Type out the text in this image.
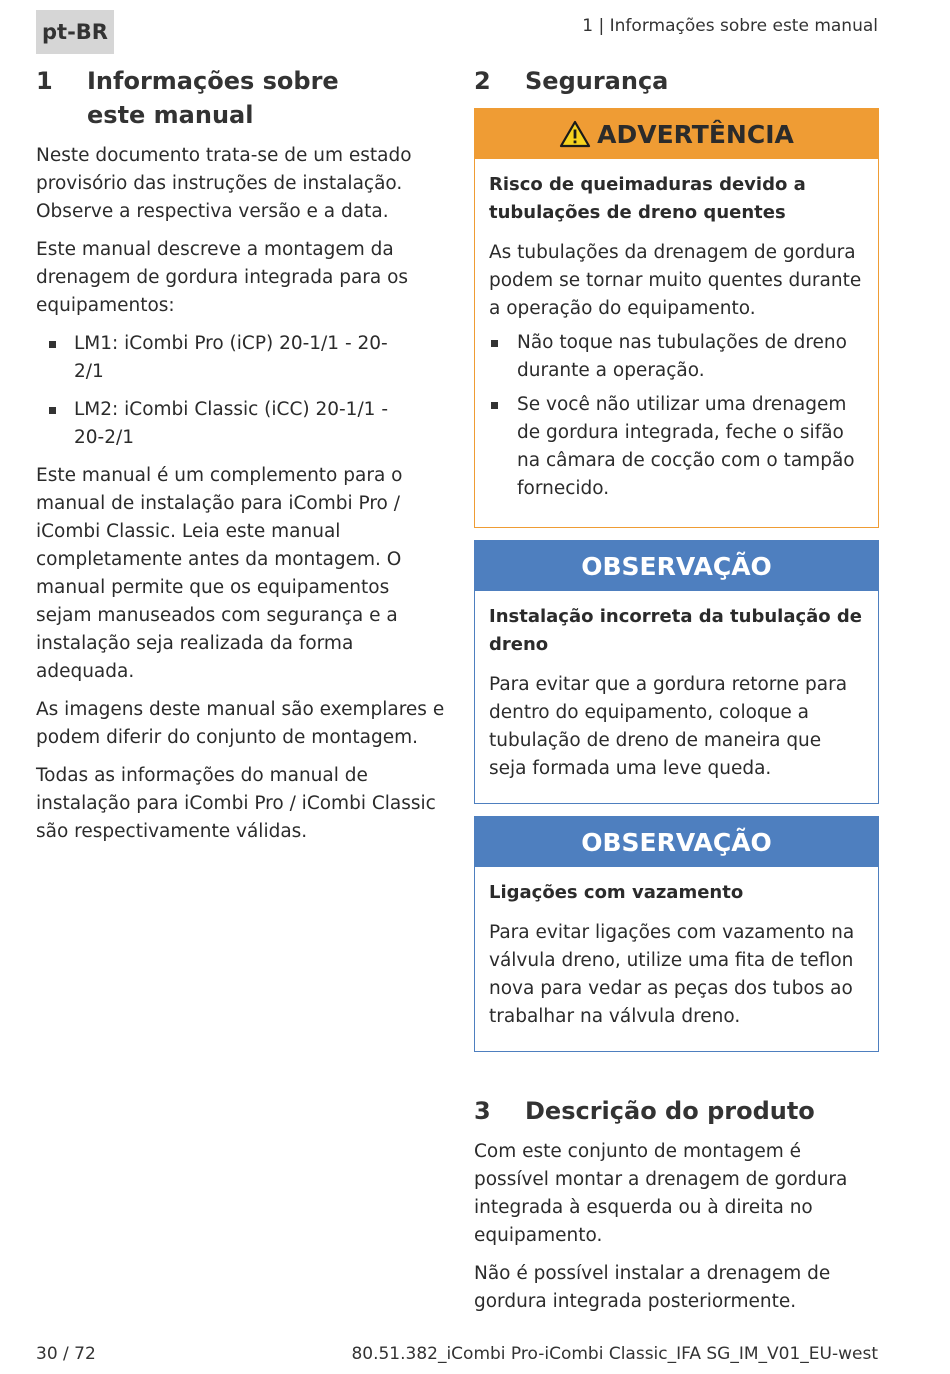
pt-BR	1 | Informações sobre este manual
1	Informações sobre este manual

Neste documento trata-se de um estado provisório das instruções de instalação. Observe a respectiva versão e a data.

Este manual descreve a montagem da drenagem de gordura integrada para os equipamentos:

LM1: iCombi Pro (iCP) 20-1/1 - 20-2/1
LM2: iCombi Classic (iCC) 20-1/1 - 20-2/1

Este manual é um complemento para o manual de instalação para iCombi Pro / iCombi Classic. Leia este manual completamente antes da montagem. O manual permite que os equipamentos sejam manuseados com segurança e a instalação seja realizada da forma adequada.

As imagens deste manual são exemplares e podem diferir do conjunto de montagem.

Todas as informações do manual de instalação para iCombi Pro / iCombi Classic são respectivamente válidas.

2	Segurança
ADVERTÊNCIA
Risco de queimaduras devido a tubulações de dreno quentes

As tubulações da drenagem de gordura podem se tornar muito quentes durante a operação do equipamento.

Não toque nas tubulações de dreno durante a operação.
Se você não utilizar uma drenagem de gordura integrada, feche o sifão na câmara de cocção com o tampão fornecido.
OBSERVAÇÃO
Instalação incorreta da tubulação de dreno

Para evitar que a gordura retorne para dentro do equipamento, coloque a tubulação de dreno de maneira que seja formada uma leve queda.

OBSERVAÇÃO
Ligações com vazamento

Para evitar ligações com vazamento na válvula dreno, utilize uma fita de teflon nova para vedar as peças dos tubos ao trabalhar na válvula dreno.

3	Descrição do produto

Com este conjunto de montagem é possível montar a drenagem de gordura integrada à esquerda ou à direita no equipamento.

Não é possível instalar a drenagem de gordura integrada posteriormente.

30 / 72	80.51.382_iCombi Pro-iCombi Classic_IFA SG_IM_V01_EU-west
